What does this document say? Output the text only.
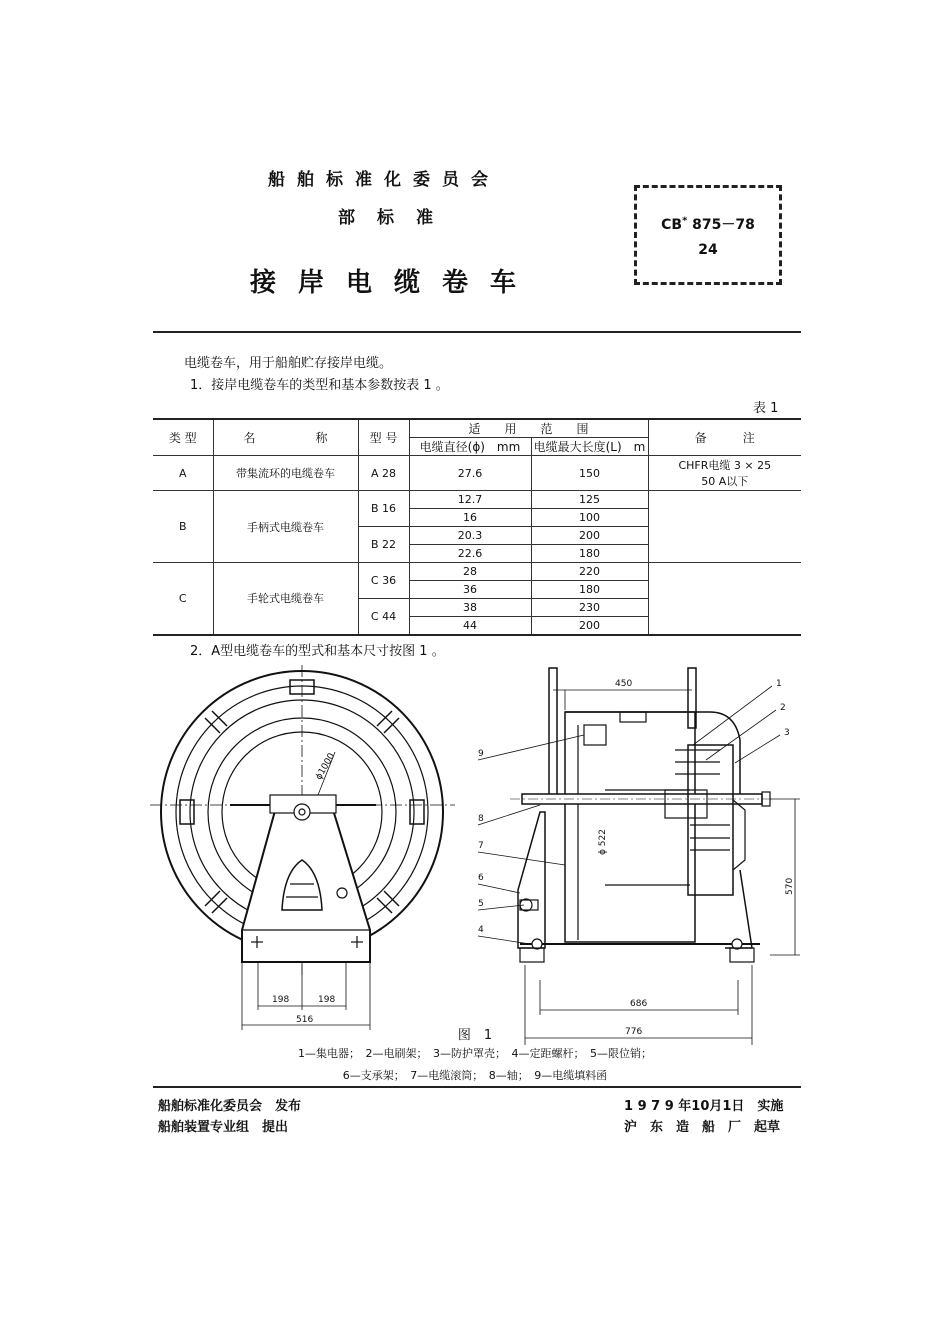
船舶标准化委员会
部标准
接岸电缆卷车
CB* 875－78
24
电缆卷车，用于船舶贮存接岸电缆。
1．接岸电缆卷车的类型和基本参数按表 1 。
表 1
类 型	名　　　　　称	型 号	适　　用　　范　　围		备　　　注
			电缆直径(ϕ)　mm	电缆最大长度(L)　m	
A	带集流环的电缆卷车	A 28	27.6	150	CHFR电缆 3 × 25
50 A以下

B	手柄式电缆卷车	B 16	12.7	125	
			16	100	
		B 22	20.3	200	
			22.6	180	
C	手轮式电缆卷车	C 36	28	220	
			36	180	
		C 44	38	230	
			44	200	
2．A型电缆卷车的型式和基本尺寸按图 1 。
ϕ1000
198	198
516
450
ϕ 522
570
686
776
1
2
3
4
5
6
7
8
9
图　1
1—集电器；　2—电刷架；　3—防护罩壳；　4—定距螺杆；　5—限位销；
6—支承架；　7—电缆滚筒；　8—轴；　9—电缆填料函
船舶标准化委员会　发布
船舶装置专业组　提出
1 9 7 9 年10月1日　实施
沪　东　造　船　厂　起草
